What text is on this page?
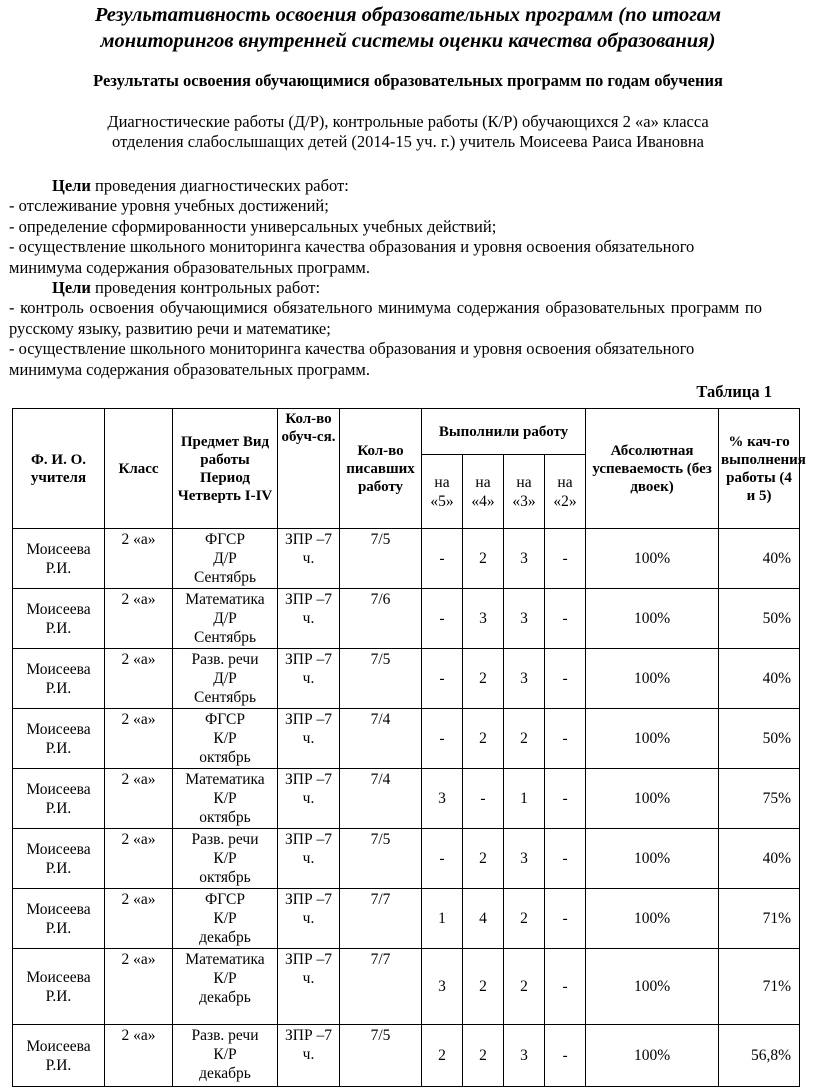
Результативность освоения образовательных программ (по итогам
мониторингов внутренней системы оценки качества образования)
Результаты освоения обучающимися образовательных программ по годам обучения
Диагностические работы (Д/Р), контрольные работы (К/Р) обучающихся 2 «а» класса
отделения слабослышащих детей (2014-15 уч. г.) учитель Моисеева Раиса Ивановна

Цели проведения диагностических работ:

- отслеживание уровня учебных достижений;

- определение сформированности универсальных учебных действий;

- осуществление школьного мониторинга качества образования и уровня освоения обязательного минимума содержания образовательных программ.

Цели проведения контрольных работ:

- контроль освоения обучающимися обязательного минимума содержания образовательных программ по русскому языку, развитию речи и математике;

- осуществление школьного мониторинга качества образования и уровня освоения обязательного минимума содержания образовательных программ.

Таблица 1
Ф. И. О. учителя	Класс	Предмет Вид работы Период Четверть I-IV	Кол-во обуч-ся.	Кол-во писавших работу	Выполнили работу				Абсолютная успеваемость (без двоек)	% кач-го выполнения работы (4 и 5)
					на «5»	на «4»	на «3»	на «2»		
Моисеева Р.И.	2 «а»	ФГСР
Д/Р
Сентябрь	ЗПР –7 ч.	7/5	-	2	3	-	100%	40%
Моисеева Р.И.	2 «а»	Математика
Д/Р
Сентябрь	ЗПР –7 ч.	7/6	-	3	3	-	100%	50%
Моисеева Р.И.	2 «а»	Разв. речи
Д/Р
Сентябрь	ЗПР –7 ч.	7/5	-	2	3	-	100%	40%
Моисеева Р.И.	2 «а»	ФГСР
К/Р
октябрь	ЗПР –7 ч.	7/4	-	2	2	-	100%	50%
Моисеева Р.И.	2 «а»	Математика
К/Р
октябрь	ЗПР –7 ч.	7/4	3	-	1	-	100%	75%
Моисеева Р.И.	2 «а»	Разв. речи
К/Р
октябрь	ЗПР –7 ч.	7/5	-	2	3	-	100%	40%
Моисеева Р.И.	2 «а»	ФГСР
К/Р
декабрь	ЗПР –7 ч.	7/7	1	4	2	-	100%	71%
Моисеева Р.И.	2 «а»	Математика
К/Р
декабрь	ЗПР –7 ч.	7/7	3	2	2	-	100%	71%
Моисеева Р.И.	2 «а»	Разв. речи
К/Р
декабрь	ЗПР –7 ч.	7/5	2	2	3	-	100%	56,8%
